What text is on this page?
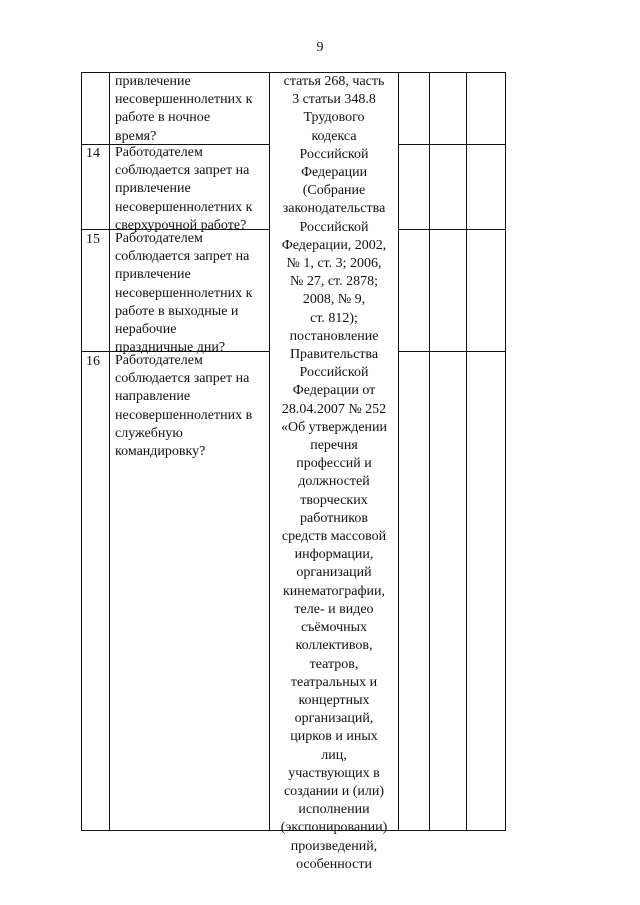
9
14
15
16
привлечение
несовершеннолетних к
работе в ночное
время?
Работодателем
соблюдается запрет на
привлечение
несовершеннолетних к
сверхурочной работе?
Работодателем
соблюдается запрет на
привлечение
несовершеннолетних к
работе в выходные и
нерабочие
праздничные дни?
Работодателем
соблюдается запрет на
направление
несовершеннолетних в
служебную
командировку?
статья 268, часть
3 статьи 348.8
Трудового
кодекса
Российской
Федерации
(Собрание
законодательства
Российской
Федерации, 2002,
№ 1, ст. 3; 2006,
№ 27, ст. 2878;
2008, № 9,
ст. 812);
постановление
Правительства
Российской
Федерации от
28.04.2007 № 252
«Об утверждении
перечня
профессий и
должностей
творческих
работников
средств массовой
информации,
организаций
кинематографии,
теле- и видео
съёмочных
коллективов,
театров,
театральных и
концертных
организаций,
цирков и иных
лиц,
участвующих в
создании и (или)
исполнении
(экспонировании)
произведений,
особенности
